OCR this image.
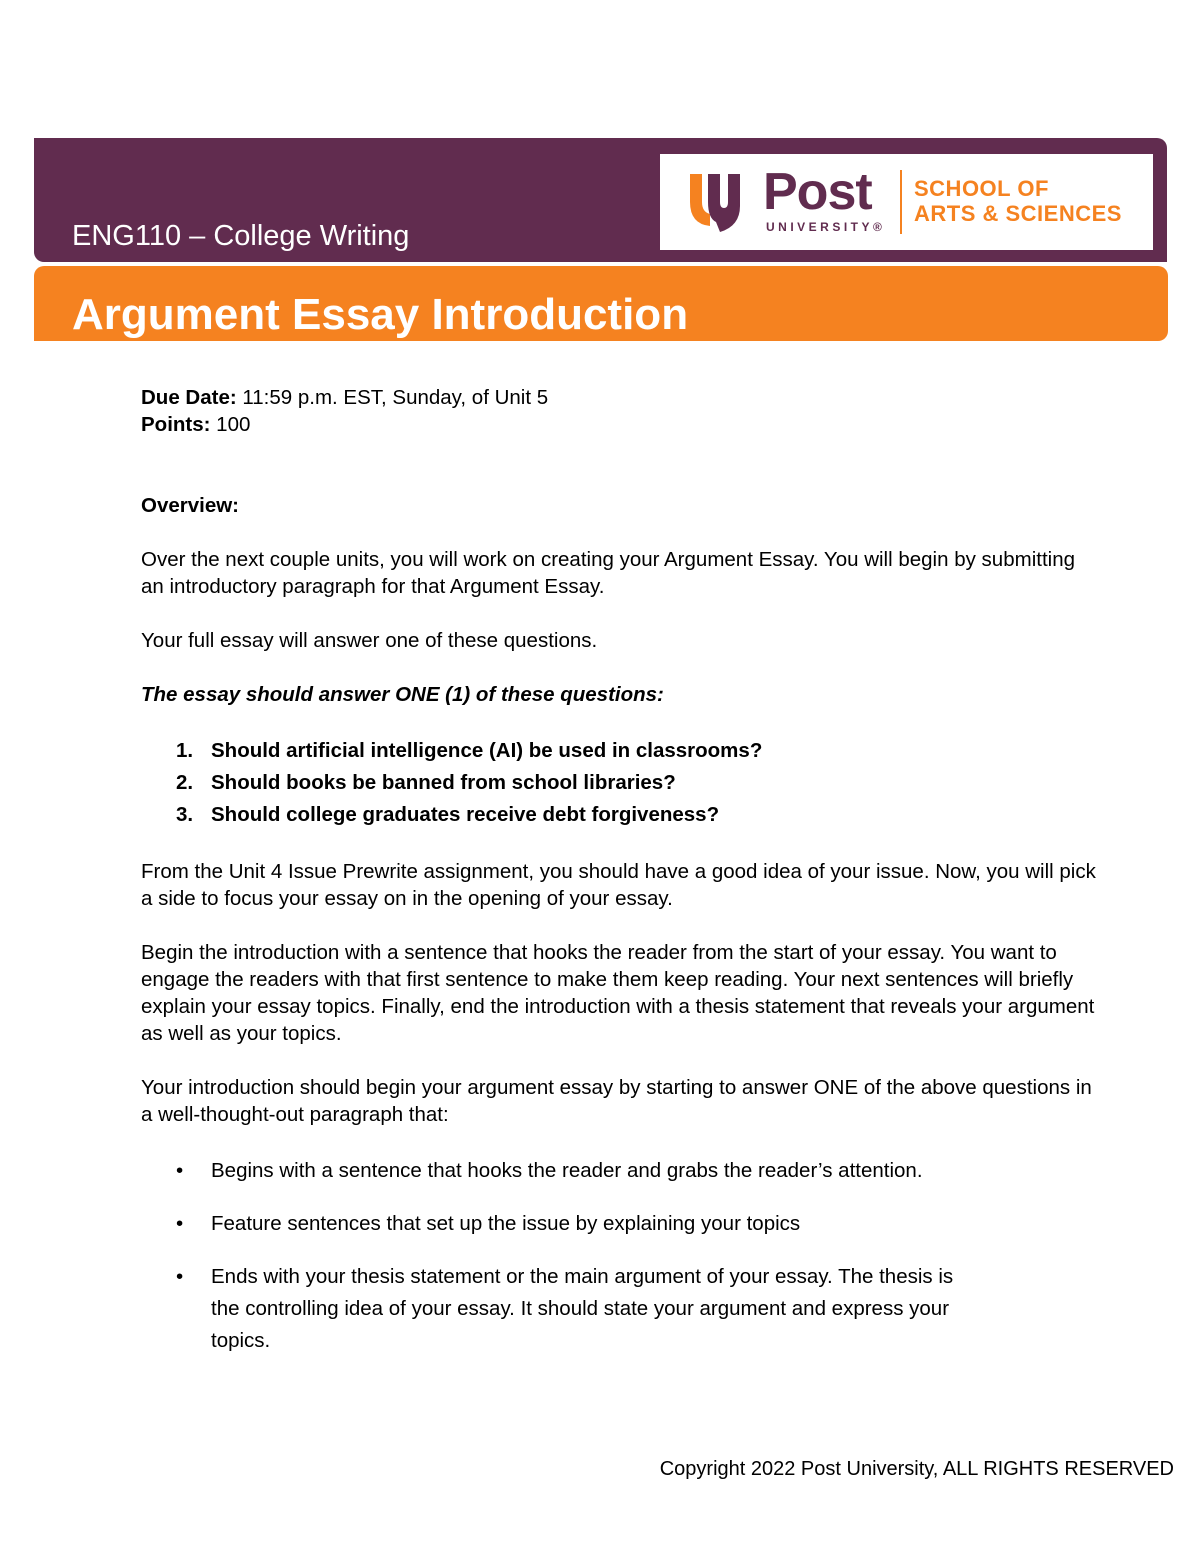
ENG110 – College Writing
Post
UNIVERSITY®
SCHOOL OF
ARTS & SCIENCES
Argument Essay Introduction

Due Date: 11:59 p.m. EST, Sunday, of Unit 5

Points: 100

Overview:

Over the next couple units, you will work on creating your Argument Essay. You will begin by submitting an introductory paragraph for that Argument Essay.

Your full essay will answer one of these questions.

The essay should answer ONE (1) of these questions:

1. Should artificial intelligence (AI) be used in classrooms?
2. Should books be banned from school libraries?
3. Should college graduates receive debt forgiveness?

From the Unit 4 Issue Prewrite assignment, you should have a good idea of your issue. Now, you will pick a side to focus your essay on in the opening of your essay.

Begin the introduction with a sentence that hooks the reader from the start of your essay. You want to engage the readers with that first sentence to make them keep reading. Your next sentences will briefly explain your essay topics. Finally, end the introduction with a thesis statement that reveals your argument as well as your topics.

Your introduction should begin your argument essay by starting to answer ONE of the above questions in a well-thought-out paragraph that:

• Begins with a sentence that hooks the reader and grabs the reader’s attention.
• Feature sentences that set up the issue by explaining your topics
• Ends with your thesis statement or the main argument of your essay. The thesis is the controlling idea of your essay. It should state your argument and express your topics.
Copyright 2022 Post University, ALL RIGHTS RESERVED
